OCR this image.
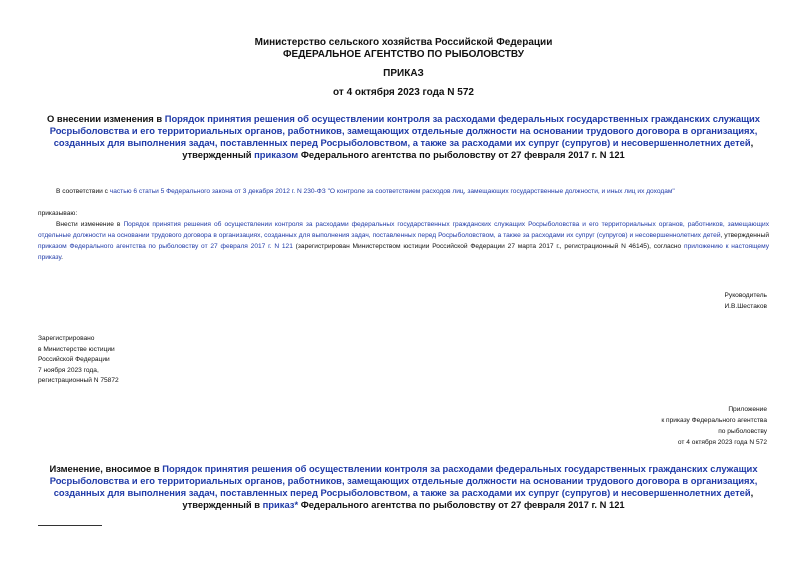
Министерство сельского хозяйства Российской Федерации
ФЕДЕРАЛЬНОЕ АГЕНТСТВО ПО РЫБОЛОВСТВУ
ПРИКАЗ
от 4 октября 2023 года N 572
О внесении изменения в Порядок принятия решения об осуществлении контроля за расходами федеральных государственных гражданских служащих Росрыболовства и его территориальных органов, работников, замещающих отдельные должности на основании трудового договора в организациях, созданных для выполнения задач, поставленных перед Росрыболовством, а также за расходами их супруг (супругов) и несовершеннолетних детей, утвержденный приказом Федерального агентства по рыболовству от 27 февраля 2017 г. N 121
В соответствии с частью 6 статьи 5 Федерального закона от 3 декабря 2012 г. N 230-ФЗ "О контроле за соответствием расходов лиц, замещающих государственные должности, и иных лиц их доходам"
приказываю:
Внести изменение в Порядок принятия решения об осуществлении контроля за расходами федеральных государственных гражданских служащих Росрыболовства и его территориальных органов, работников, замещающих отдельные должности на основании трудового договора в организациях, созданных для выполнения задач, поставленных перед Росрыболовством, а также за расходами их супруг (супругов) и несовершеннолетних детей, утвержденный приказом Федерального агентства по рыболовству от 27 февраля 2017 г. N 121 (зарегистрирован Министерством юстиции Российской Федерации 27 марта 2017 г., регистрационный N 46145), согласно приложению к настоящему приказу.
Руководитель
И.В.Шестаков
Зарегистрировано
в Министерстве юстиции
Российской Федерации
7 ноября 2023 года,
регистрационный N 75872
Приложение
к приказу Федерального агентства
по рыболовству
от 4 октября 2023 года N 572
Изменение, вносимое в Порядок принятия решения об осуществлении контроля за расходами федеральных государственных гражданских служащих Росрыболовства и его территориальных органов, работников, замещающих отдельные должности на основании трудового договора в организациях, созданных для выполнения задач, поставленных перед Росрыболовством, а также за расходами их супруг (супругов) и несовершеннолетних детей, утвержденный в приказ* Федерального агентства по рыболовству от 27 февраля 2017 г. N 121
